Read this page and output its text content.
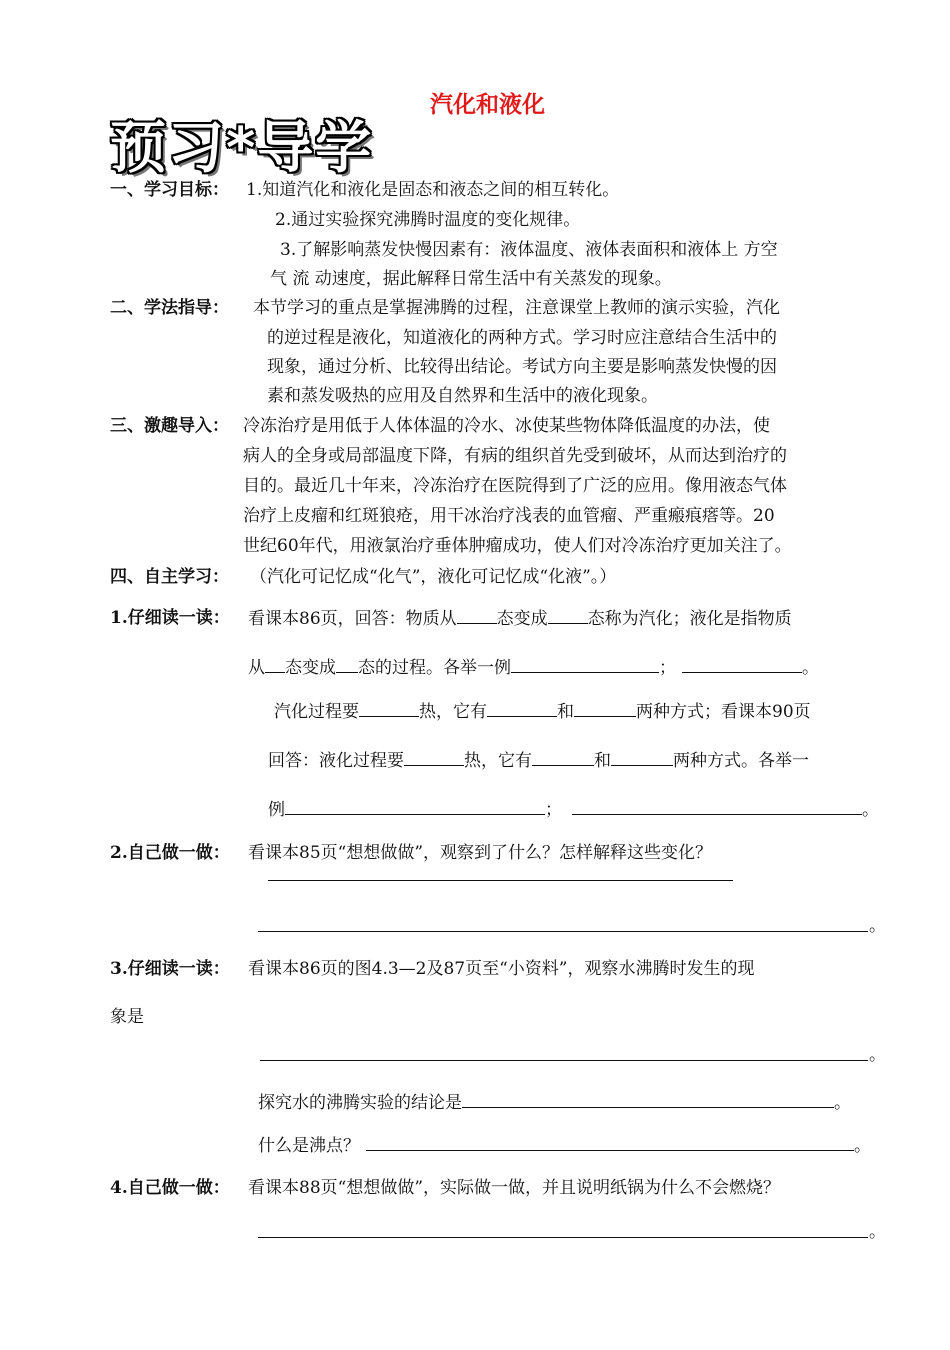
汽化和液化
预习*导学
一、学习目标： 1.知道汽化和液化是固态和液态之间的相互转化。
2.通过实验探究沸腾时温度的变化规律。
3.了解影响蒸发快慢因素有：液体温度、液体表面积和液体上 方空
气 流 动速度，据此解释日常生活中有关蒸发的现象。
二、学法指导： 本节学习的重点是掌握沸腾的过程，注意课堂上教师的演示实验，汽化
的逆过程是液化，知道液化的两种方式。学习时应注意结合生活中的
现象，通过分析、比较得出结论。考试方向主要是影响蒸发快慢的因
素和蒸发吸热的应用及自然界和生活中的液化现象。
三、激趣导入： 冷冻治疗是用低于人体体温的冷水、冰使某些物体降低温度的办法，使
病人的全身或局部温度下降，有病的组织首先受到破坏，从而达到治疗的
目的。最近几十年来，冷冻治疗在医院得到了广泛的应用。像用液态气体
治疗上皮瘤和红斑狼疮，用干冰治疗浅表的血管瘤、严重瘢痕瘩等。20
世纪60年代，用液氯治疗垂体肿瘤成功，使人们对冷冻治疗更加关注了。
四、自主学习： （汽化可记忆成“化气”，液化可记忆成“化液”。）
1.仔细读一读： 看课本86页，回答：物质从 态变成 态称为汽化；液化是指物质
从 态变成 态的过程。各举一例	；	。
汽化过程要	热，它有	和	两种方式；看课本90页
回答：液化过程要	热，它有	和	两种方式。各举一
例	；	。
2.自己做一做： 看课本85页“想想做做”，观察到了什么？怎样解释这些变化？
。
3.仔细读一读： 看课本86页的图4.3—2及87页至“小资料”，观察水沸腾时发生的现
象是
。
探究水的沸腾实验的结论是	。
什么是沸点？	。
4.自己做一做： 看课本88页“想想做做”，实际做一做，并且说明纸锅为什么不会燃烧？
。
